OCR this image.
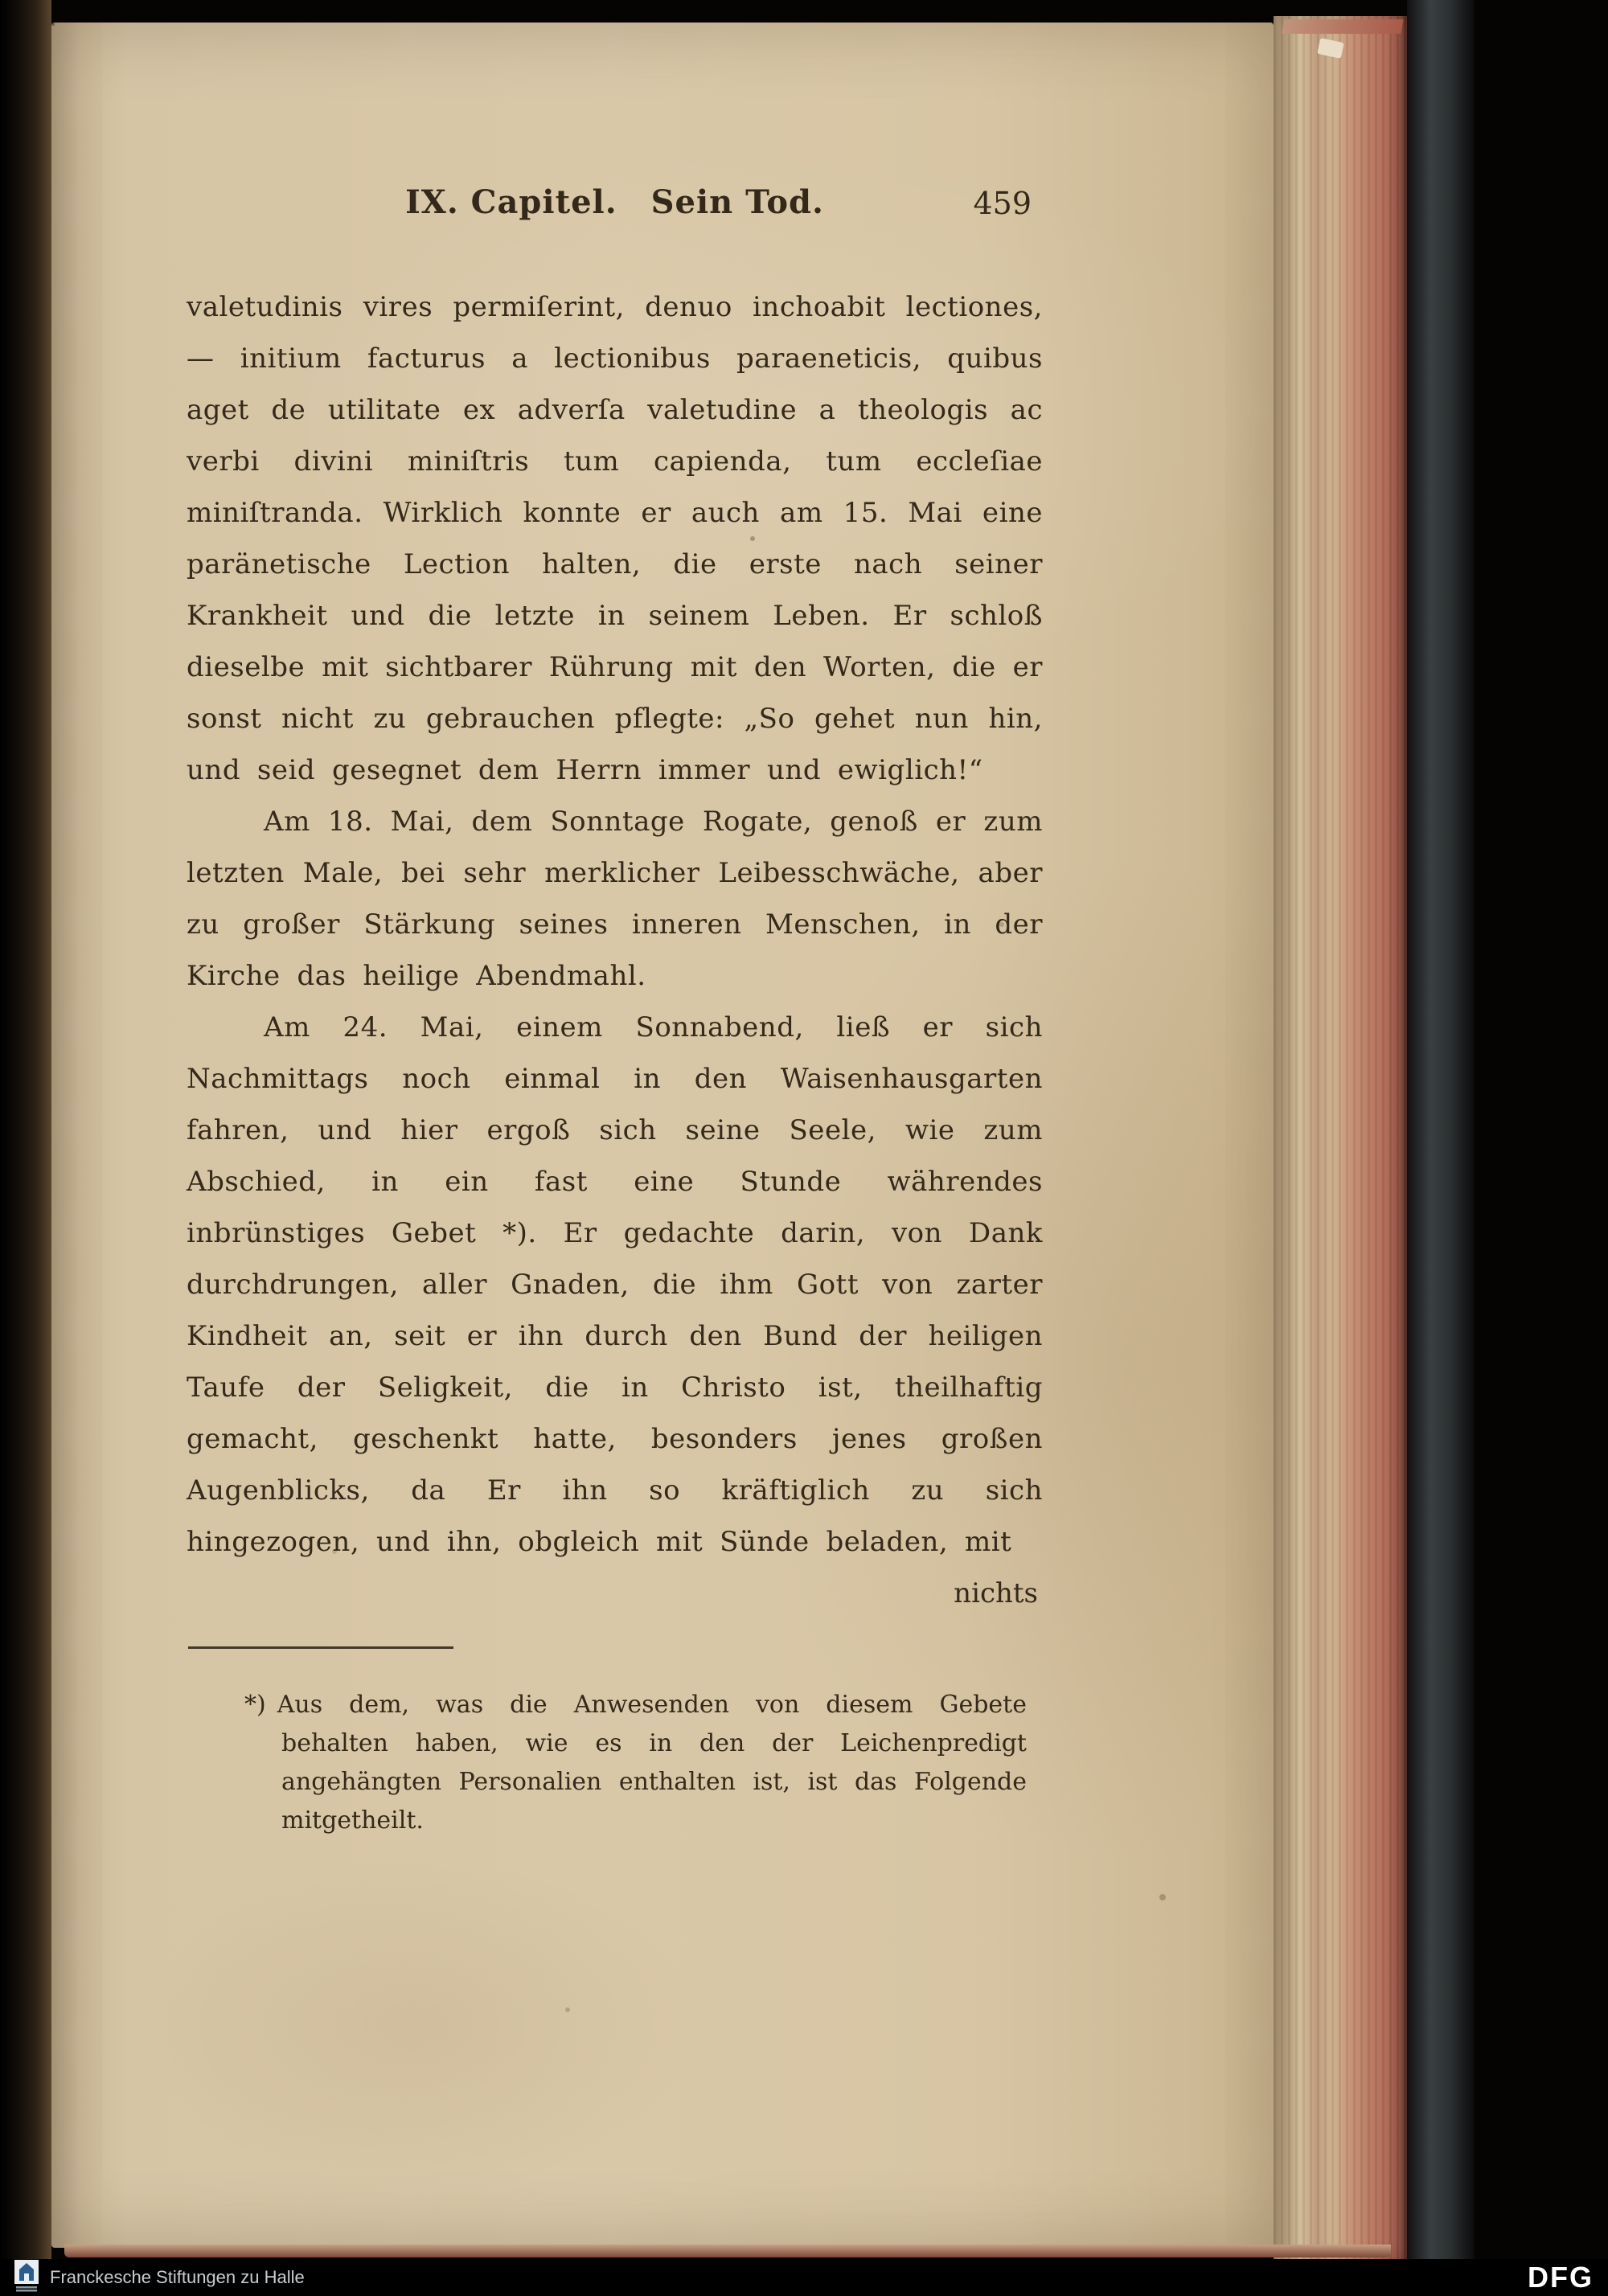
IX. Capitel. Sein Tod.	459

valetudinis vires permiſerint, denuo inchoabit lectiones, — initium facturus a lectionibus paraeneticis, quibus aget de utilitate ex adverſa valetudine a theologis ac verbi divini miniſtris tum capienda, tum eccleſiae miniſtranda. Wirklich konnte er auch am 15. Mai eine paränetische Lection halten, die erste nach seiner Krankheit und die letzte in seinem Leben. Er schloß dieselbe mit sichtbarer Rührung mit den Worten, die er sonst nicht zu gebrauchen pflegte: „So gehet nun hin, und seid gesegnet dem Herrn immer und ewiglich!“

Am 18. Mai, dem Sonntage Rogate, genoß er zum letzten Male, bei sehr merklicher Leibesschwäche, aber zu großer Stärkung seines inneren Menschen, in der Kirche das heilige Abendmahl.

Am 24. Mai, einem Sonnabend, ließ er sich Nachmittags noch einmal in den Waisenhausgarten fahren, und hier ergoß sich seine Seele, wie zum Abschied, in ein fast eine Stunde währendes inbrünstiges Gebet *). Er gedachte darin, von Dank durchdrungen, aller Gnaden, die ihm Gott von zarter Kindheit an, seit er ihn durch den Bund der heiligen Taufe der Seligkeit, die in Christo ist, theilhaftig gemacht, geschenkt hatte, besonders jenes großen Augenblicks, da Er ihn so kräftiglich zu sich hingezogen, und ihn, obgleich mit Sünde beladen, mit

nichts
*) Aus dem, was die Anwesenden von diesem Gebete behalten haben, wie es in den der Leichenpredigt angehängten Personalien enthalten ist, ist das Folgende mitgetheilt.
Franckesche Stiftungen zu Halle	DFG
